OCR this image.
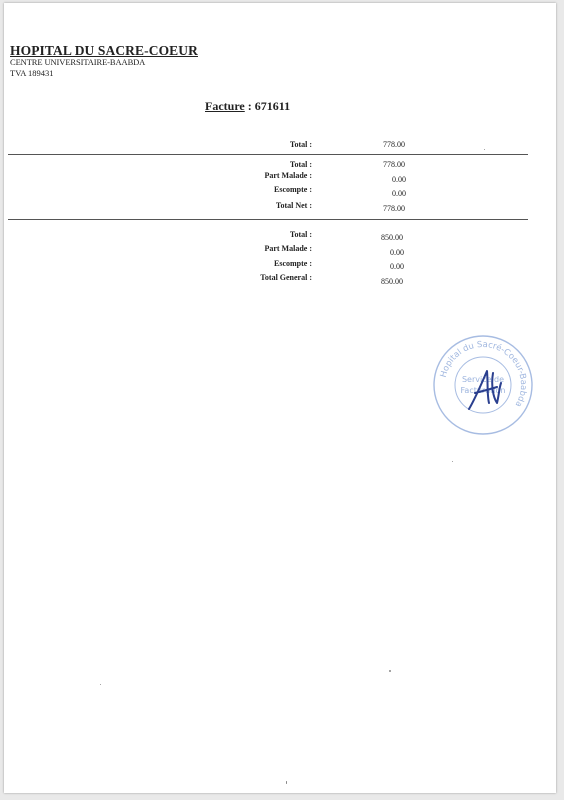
HOPITAL DU SACRE-COEUR
CENTRE UNIVERSITAIRE-BAABDA
TVA 189431
Facture : 671611
Total :	778.00
Total :	778.00
Part Malade :	0.00
Escompte :	0.00
Total Net :	778.00
Total :	850.00
Part Malade :	0.00
Escompte :	0.00
Total General :	850.00
Hopital du Sacré-Coeur-Baabda
Service de
Facturation
